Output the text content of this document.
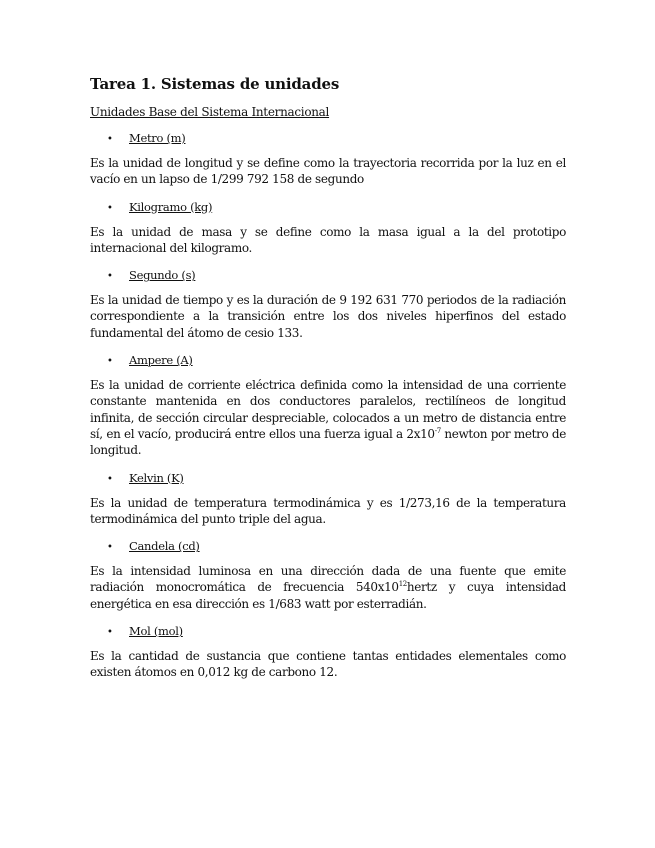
Tarea 1. Sistemas de unidades
Unidades Base del Sistema Internacional
•	Metro (m)

Es la unidad de longitud y se define como la trayectoria recorrida por la luz en el vacío en un lapso de 1/299 792 158 de segundo

•	Kilogramo (kg)

Es la unidad de masa y se define como la masa igual a la del prototipo internacional del kilogramo.

•	Segundo (s)

Es la unidad de tiempo y es la duración de 9 192 631 770 periodos de la radiación correspondiente a la transición entre los dos niveles hiperfinos del estado fundamental del átomo de cesio 133.

•	Ampere (A)

Es la unidad de corriente eléctrica definida como la intensidad de una corriente constante mantenida en dos conductores paralelos, rectilíneos de longitud infinita, de sección circular despreciable, colocados a un metro de distancia entre sí, en el vacío, producirá entre ellos una fuerza igual a $2x10^{-7}$ newton por metro de longitud.

•	Kelvin (K)

Es la unidad de temperatura termodinámica y es 1/273,16 de la temperatura termodinámica del punto triple del agua.

•	Candela (cd)

Es la intensidad luminosa en una dirección dada de una fuente que emite radiación monocromática de frecuencia $540x10^{12}hertz$ y cuya intensidad energética en esa dirección es 1/683 watt por esterradián.

•	Mol (mol)

Es la cantidad de sustancia que contiene tantas entidades elementales como existen átomos en 0,012 kg de carbono 12.
